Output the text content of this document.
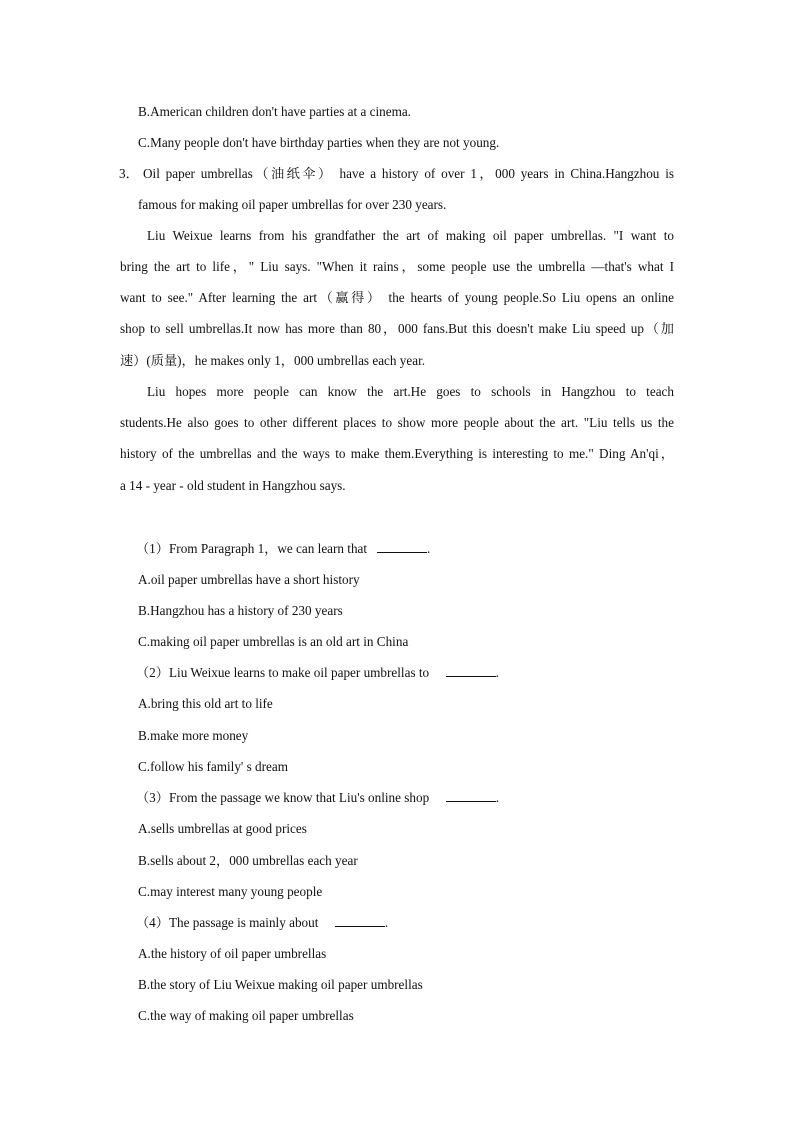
B.American children don't have parties at a cinema.

C.Many people don't have birthday parties when they are not young.

3． Oil paper umbrellas（油纸伞） have a history of over 1，000 years in China.Hangzhou is

famous for making oil paper umbrellas for over 230 years.

Liu Weixue learns from his grandfather the art of making oil paper umbrellas. "I want to

bring the art to life，" Liu says. "When it rains，some people use the umbrella —that's what I

want to see." After learning the art（赢得） the hearts of young people.So Liu opens an online

shop to sell umbrellas.It now has more than 80，000 fans.But this doesn't make Liu speed up（加

速）(质量)，he makes only 1，000 umbrellas each year.

Liu hopes more people can know the art.He goes to schools in Hangzhou to teach

students.He also goes to other different places to show more people about the art. "Liu tells us the

history of the umbrellas and the ways to make them.Everything is interesting to me." Ding An'qi，

a 14 - year - old student in Hangzhou says.

（1）From Paragraph 1，we can learn that	.

A.oil paper umbrellas have a short history

B.Hangzhou has a history of 230 years

C.making oil paper umbrellas is an old art in China

（2）Liu Weixue learns to make oil paper umbrellas to	.

A.bring this old art to life

B.make more money

C.follow his family' s dream

（3）From the passage we know that Liu's online shop	.

A.sells umbrellas at good prices

B.sells about 2，000 umbrellas each year

C.may interest many young people

（4）The passage is mainly about	.

A.the history of oil paper umbrellas

B.the story of Liu Weixue making oil paper umbrellas

C.the way of making oil paper umbrellas
